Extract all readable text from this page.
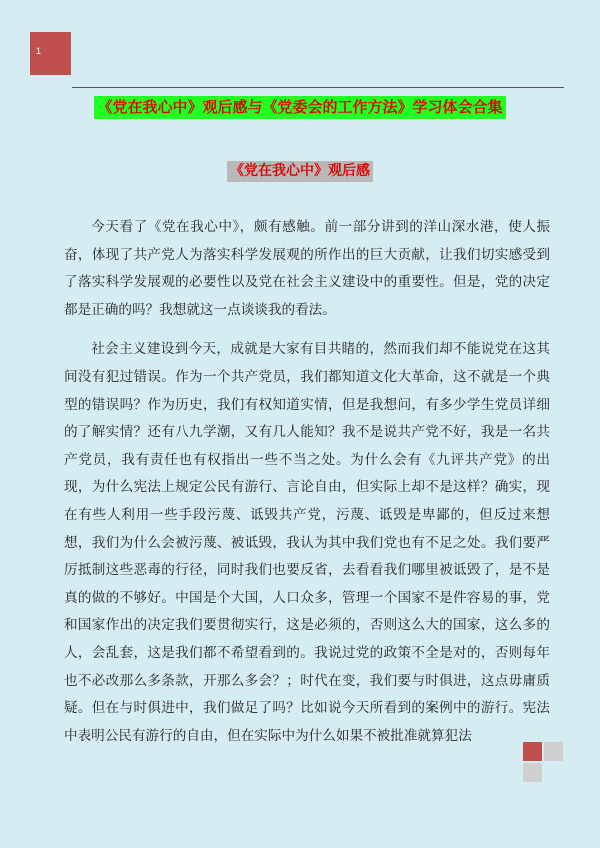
1
《党在我心中》观后感与《党委会的工作方法》学习体会合集
《党在我心中》观后感

今天看了《党在我心中》，颇有感触。前一部分讲到的洋山深水港，使人振奋，体现了共产党人为落实科学发展观的所作出的巨大贡献，让我们切实感受到了落实科学发展观的必要性以及党在社会主义建设中的重要性。但是，党的决定都是正确的吗？我想就这一点谈谈我的看法。

社会主义建设到今天，成就是大家有目共睹的，然而我们却不能说党在这其间没有犯过错误。作为一个共产党员，我们都知道文化大革命，这不就是一个典型的错误吗？作为历史，我们有权知道实情，但是我想问，有多少学生党员详细的了解实情？还有八九学潮，又有几人能知？我不是说共产党不好，我是一名共产党员，我有责任也有权指出一些不当之处。为什么会有《九评共产党》的出现，为什么宪法上规定公民有游行、言论自由，但实际上却不是这样？确实，现在有些人利用一些手段污蔑、诋毁共产党，污蔑、诋毁是卑鄙的，但反过来想想，我们为什么会被污蔑、被诋毁，我认为其中我们党也有不足之处。我们要严厉抵制这些恶毒的行径，同时我们也要反省，去看看我们哪里被诋毁了，是不是真的做的不够好。中国是个大国，人口众多，管理一个国家不是件容易的事，党和国家作出的决定我们要贯彻实行，这是必须的，否则这么大的国家，这么多的人，会乱套，这是我们都不希望看到的。我说过党的政策不全是对的，否则每年也不必改那么多条款，开那么多会？；时代在变，我们要与时俱进，这点毋庸质疑。但在与时俱进中，我们做足了吗？比如说今天所看到的案例中的游行。宪法中表明公民有游行的自由，但在实际中为什么如果不被批准就算犯法
